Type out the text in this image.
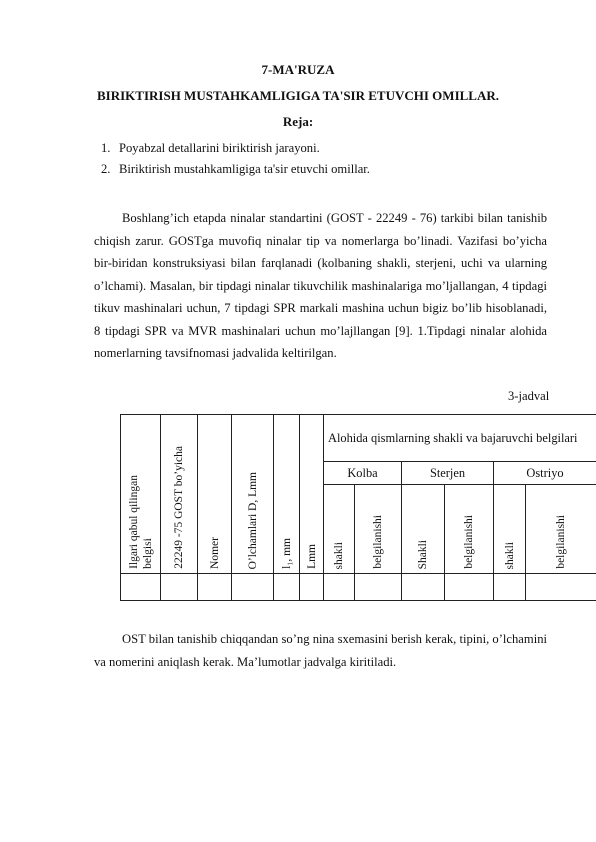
7-MA'RUZA
BIRIKTIRISH MUSTAHKAMLIGIGA TA'SIR ETUVCHI OMILLAR.
Reja:
1. Poyabzal detallarini biriktirish jarayoni.
2. Biriktirish mustahkamligiga ta'sir etuvchi omillar.

Boshlang’ich etapda ninalar standartini (GOST - 22249 - 76) tarkibi bilan tanishib chiqish zarur. GOSTga muvofiq ninalar tip va nomerlarga bo’linadi. Vazifasi bo’yicha bir-biridan konstruksiyasi bilan farqlanadi (kolbaning shakli, sterjeni, uchi va ularning o’lchami). Masalan, bir tipdagi ninalar tikuvchilik mashinalariga mo’ljallangan, 4 tipdagi tikuv mashinalari uchun, 7 tipdagi SPR markali mashina uchun bigiz bo’lib hisoblanadi, 8 tipdagi SPR va MVR mashinalari uchun mo’lajllangan [9]. 1.Tipdagi ninalar alohida nomerlarning tavsifnomasi jadvalida keltirilgan.

3-jadval
Ilgari qabul qilingan belgisi	22249 -75 GOST bo’yicha	Nomer	O’lchamlari D, Lmm	l₁, mm	Lmm	Alohida qismlarning shakli va bajaruvchi belgilari					
						Kolba		Sterjen		Ostriyo	

						shakli	belgilanishi	Shakli	belgilanishi	shakli	belgilanishi

OST bilan tanishib chiqqandan so’ng nina sxemasini berish kerak, tipini, o’lchamini va nomerini aniqlash kerak. Ma’lumotlar jadvalga kiritiladi.
